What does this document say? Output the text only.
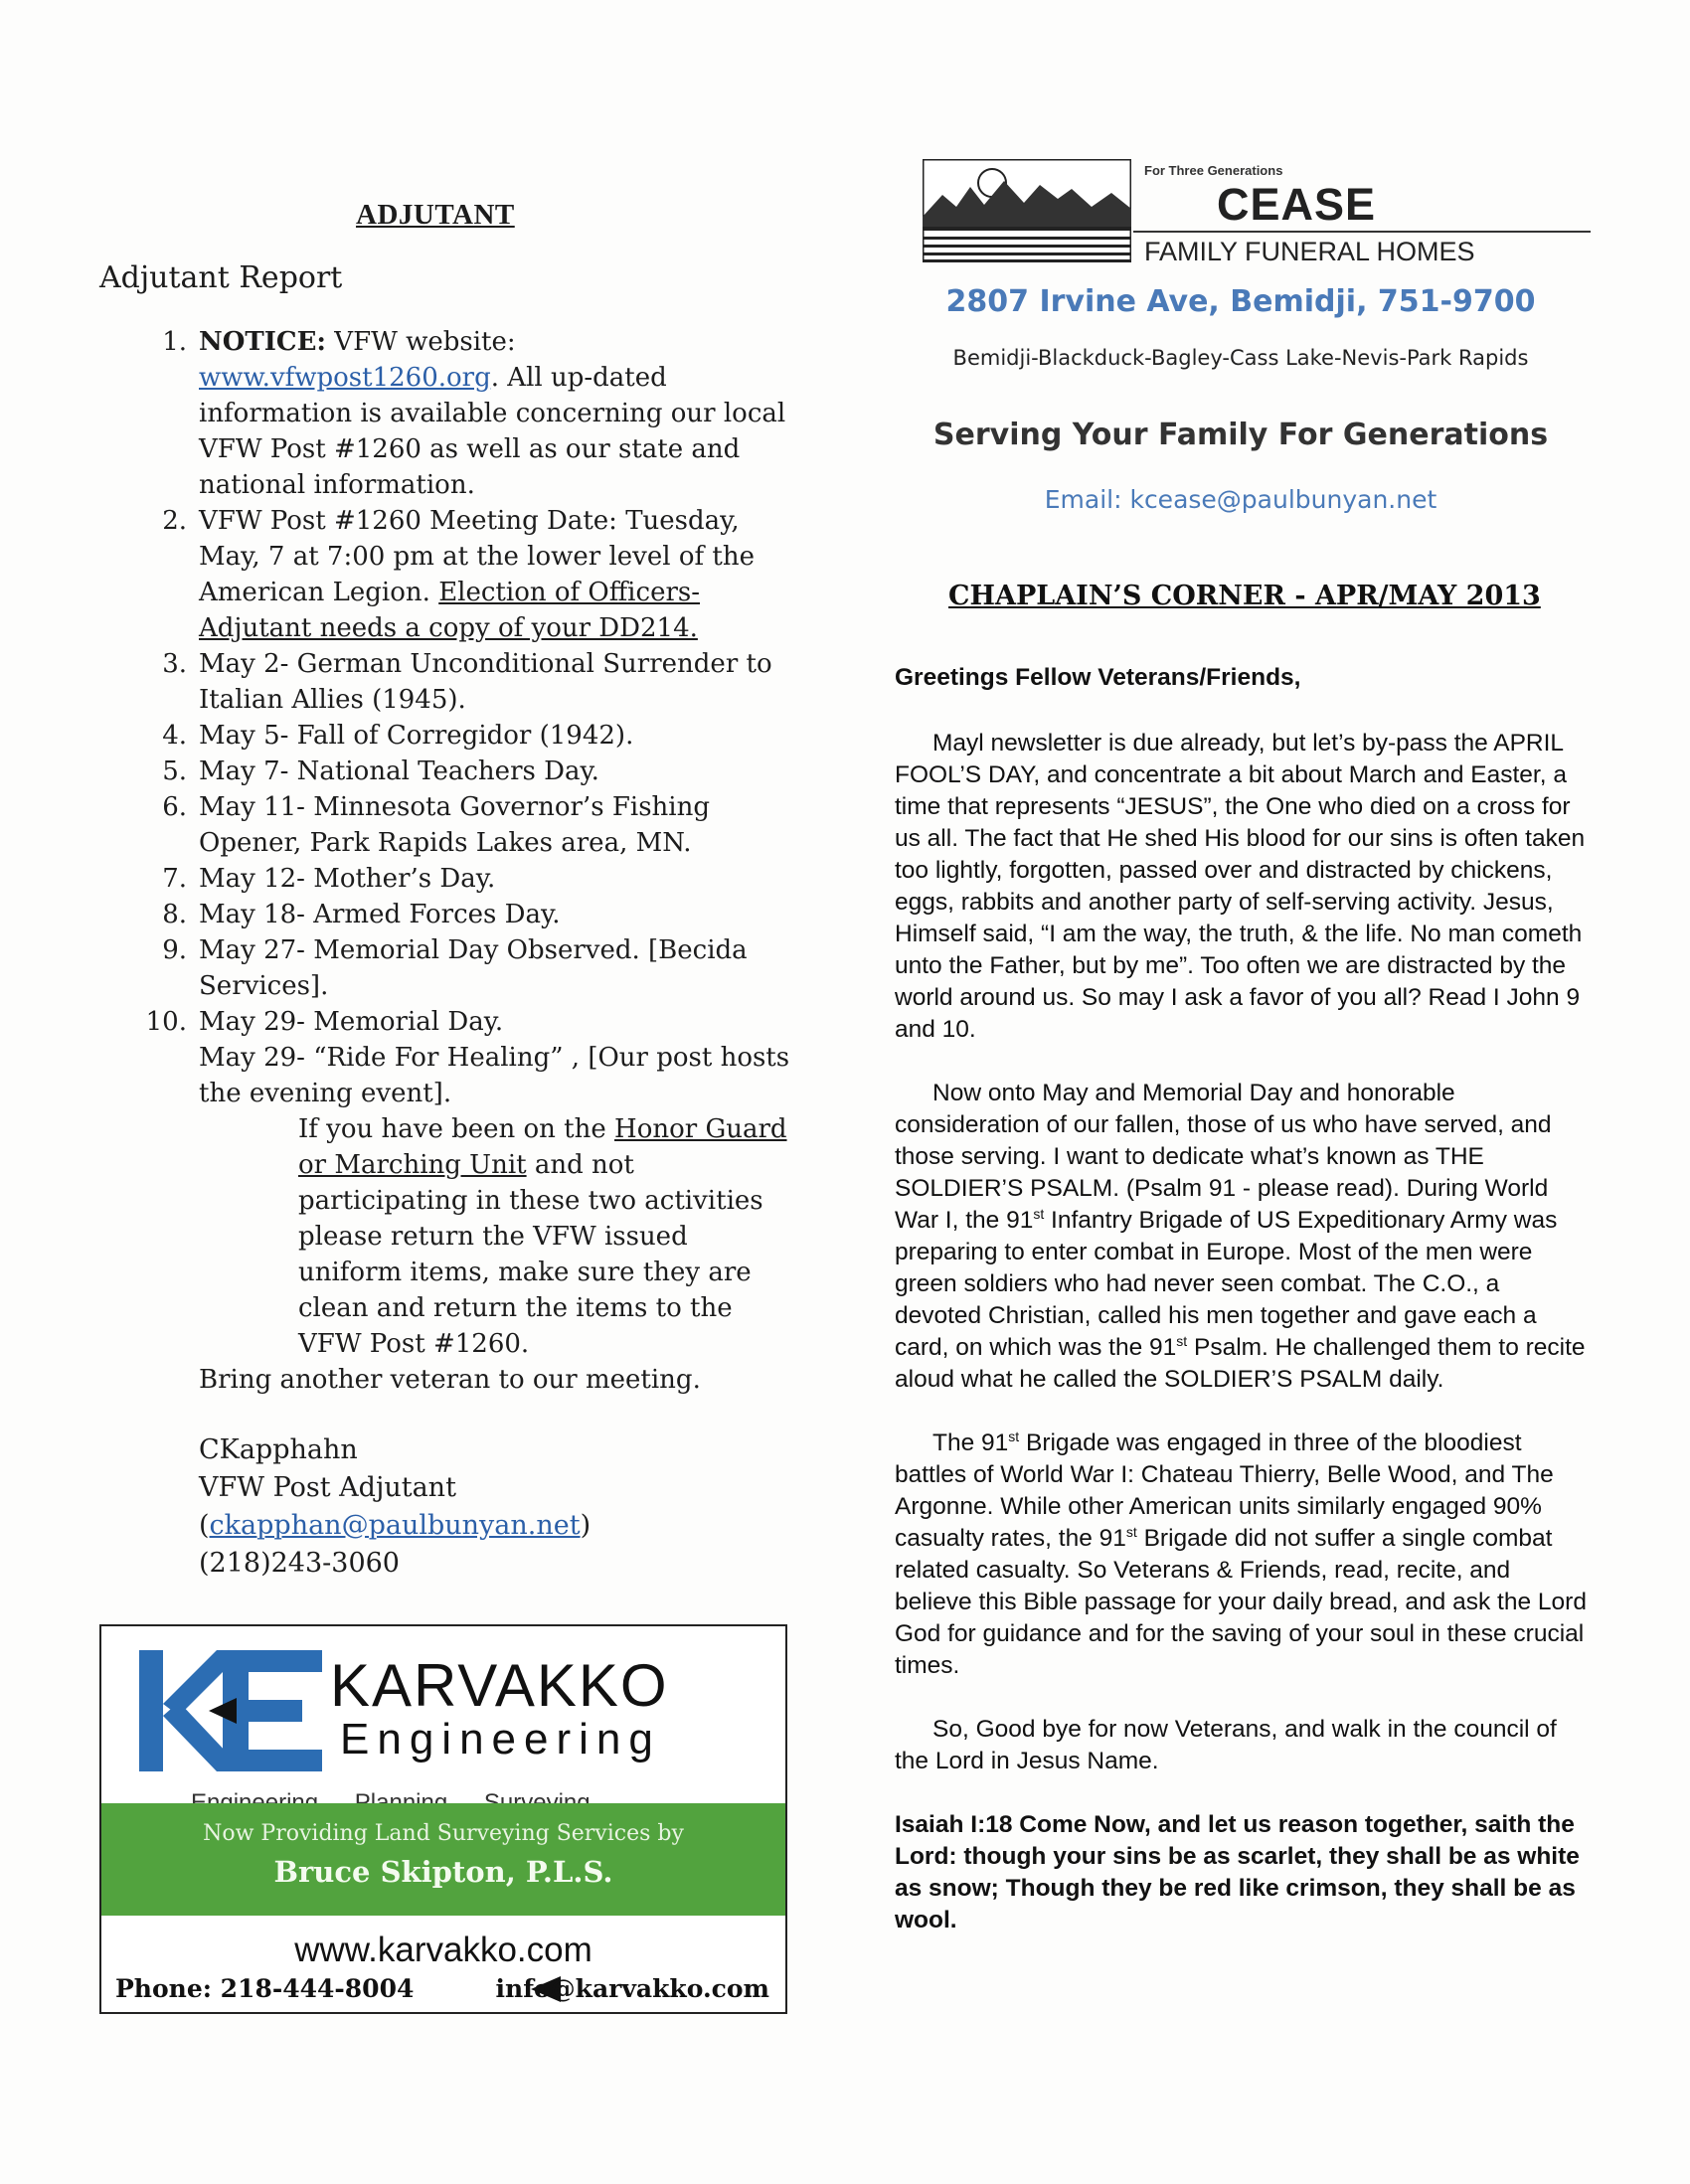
ADJUTANT
Adjutant Report
1. NOTICE: VFW website:
www.vfwpost1260.org. All up-dated information is available concerning our local VFW Post #1260 as well as our state and national information.
2. VFW Post #1260 Meeting Date: Tuesday, May, 7 at 7:00 pm at the lower level of the American Legion. Election of Officers-Adjutant needs a copy of your DD214.
3. May 2- German Unconditional Surrender to Italian Allies (1945).
4. May 5- Fall of Corregidor (1942).
5. May 7- National Teachers Day.
6. May 11- Minnesota Governor’s Fishing Opener, Park Rapids Lakes area, MN.
7. May 12- Mother’s Day.
8. May 18- Armed Forces Day.
9. May 27- Memorial Day Observed. [Becida Services].
10. May 29- Memorial Day.
May 29- “Ride For Healing” , [Our post hosts the evening event].
If you have been on the Honor Guard or Marching Unit and not participating in these two activities please return the VFW issued uniform items, make sure they are clean and return the items to the VFW Post #1260.
Bring another veteran to our meeting.
CKapphahn
VFW Post Adjutant
(ckapphan@paulbunyan.net)
(218)243-3060
KARVAKKO
Engineering
Now Providing Land Surveying Services by
Bruce Skipton, P.L.S.
www.karvakko.com
Phone: 218-444-8004	info@karvakko.com
For Three Generations
CEASE
FAMILY FUNERAL HOMES
2807 Irvine Ave, Bemidji, 751-9700
Bemidji-Blackduck-Bagley-Cass Lake-Nevis-Park Rapids
Serving Your Family For Generations
Email: kcease@paulbunyan.net
CHAPLAIN’S CORNER - APR/MAY 2013

Greetings Fellow Veterans/Friends,

Mayl newsletter is due already, but let’s by-pass the APRIL FOOL’S DAY, and concentrate a bit about March and Easter, a time that represents “JESUS”, the One who died on a cross for us all. The fact that He shed His blood for our sins is often taken too lightly, forgotten, passed over and distracted by chickens, eggs, rabbits and another party of self-serving activity. Jesus, Himself said, “I am the way, the truth, & the life. No man cometh unto the Father, but by me”. Too often we are distracted by the world around us. So may I ask a favor of you all? Read I John 9 and 10.

Now onto May and Memorial Day and honorable consideration of our fallen, those of us who have served, and those serving. I want to dedicate what’s known as THE SOLDIER’S PSALM. (Psalm 91 - please read). During World War I, the 91st Infantry Brigade of US Expeditionary Army was preparing to enter combat in Europe. Most of the men were green soldiers who had never seen combat. The C.O., a devoted Christian, called his men together and gave each a card, on which was the 91st Psalm. He challenged them to recite aloud what he called the SOLDIER’S PSALM daily.

The 91st Brigade was engaged in three of the bloodiest battles of World War I: Chateau Thierry, Belle Wood, and The Argonne. While other American units similarly engaged 90% casualty rates, the 91st Brigade did not suffer a single combat related casualty. So Veterans & Friends, read, recite, and believe this Bible passage for your daily bread, and ask the Lord God for guidance and for the saving of your soul in these crucial times.

So, Good bye for now Veterans, and walk in the council of the Lord in Jesus Name.

Isaiah I:18 Come Now, and let us reason together, saith the Lord: though your sins be as scarlet, they shall be as white as snow; Though they be red like crimson, they shall be as wool.
